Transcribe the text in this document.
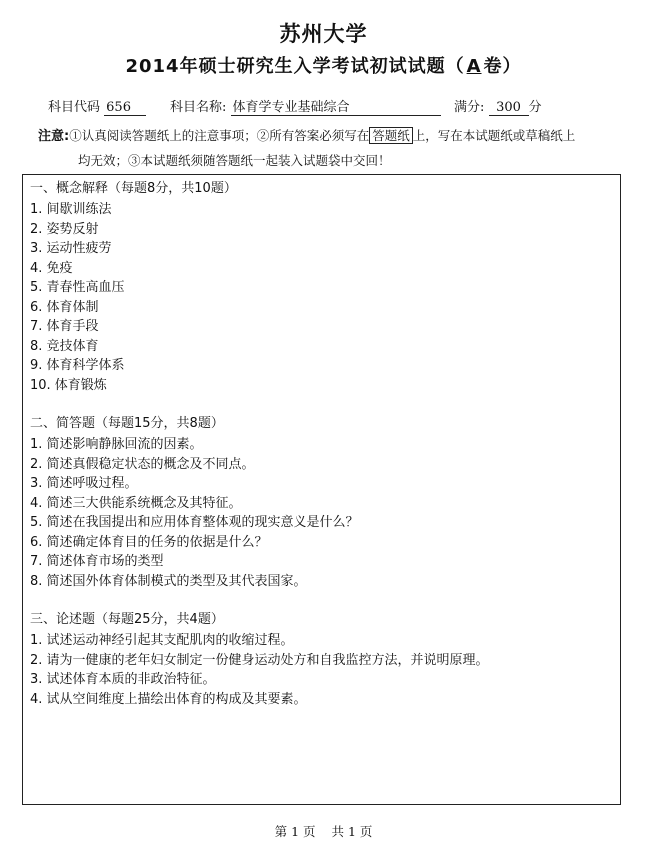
苏州大学
2014年硕士研究生入学考试初试试题（ A 卷）
科目代码 656	科目名称: 体育学专业基础综合	满分: 300 分
注意:①认真阅读答题纸上的注意事项；②所有答案必须写在 答题纸 上，写在本试题纸或草稿纸上
均无效；③本试题纸须随答题纸一起装入试题袋中交回！
一、概念解释（每题8分，共10题）
1. 间歇训练法
2. 姿势反射
3. 运动性疲劳
4. 免疫
5. 青春性高血压
6. 体育体制
7. 体育手段
8. 竞技体育
9. 体育科学体系
10. 体育锻炼
二、简答题（每题15分，共8题）
1. 简述影响静脉回流的因素。
2. 简述真假稳定状态的概念及不同点。
3. 简述呼吸过程。
4. 简述三大供能系统概念及其特征。
5. 简述在我国提出和应用体育整体观的现实意义是什么？
6. 简述确定体育目的任务的依据是什么？
7. 简述体育市场的类型
8. 简述国外体育体制模式的类型及其代表国家。
三、论述题（每题25分，共4题）
1. 试述运动神经引起其支配肌肉的收缩过程。
2. 请为一健康的老年妇女制定一份健身运动处方和自我监控方法，并说明原理。
3. 试述体育本质的非政治特征。
4. 试从空间维度上描绘出体育的构成及其要素。
第 1 页 共 1 页
